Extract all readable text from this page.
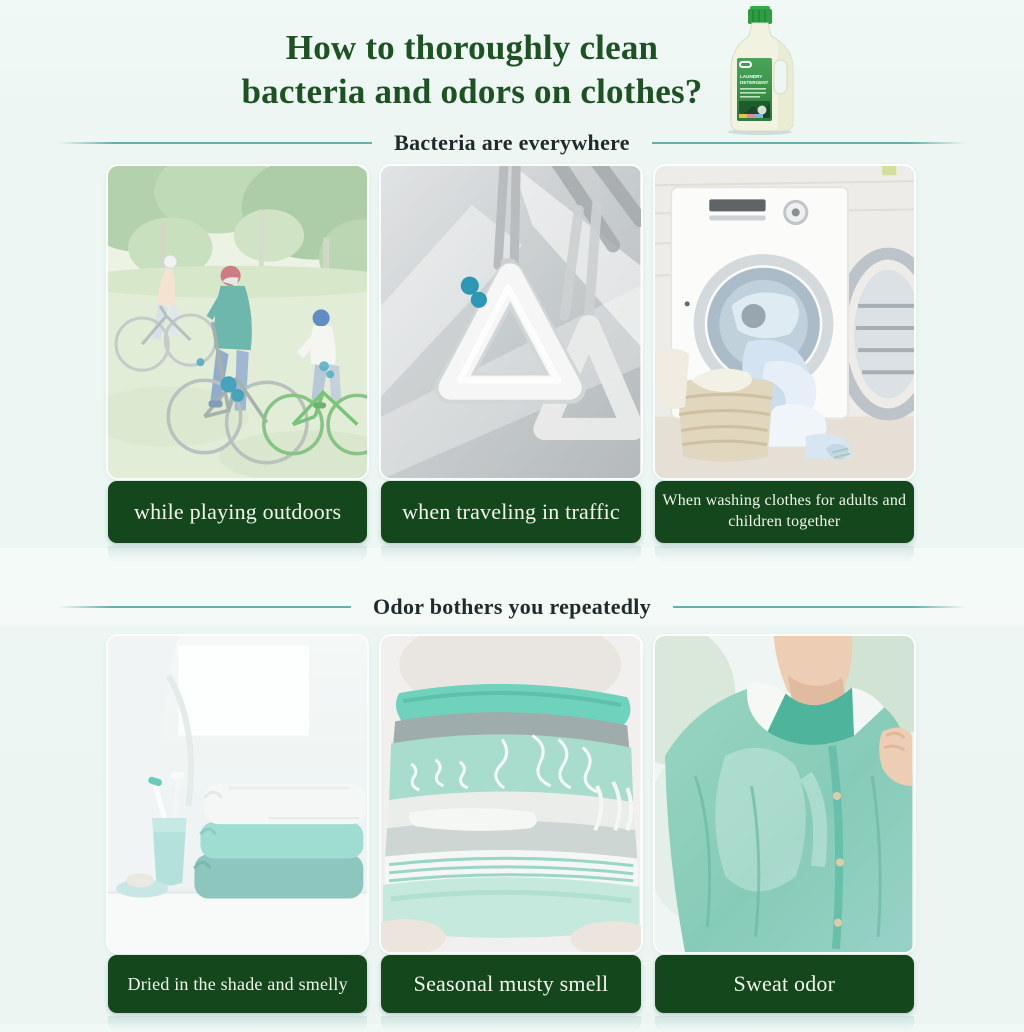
How to thoroughly clean
bacteria and odors on clothes?	LAUNDRY
DETERGENT
Bacteria are everywhere
while playing outdoors	when traveling in traffic	When washing clothes for adults and children together
Odor bothers you repeatedly
Dried in the shade and smelly	Seasonal musty smell	Sweat odor
